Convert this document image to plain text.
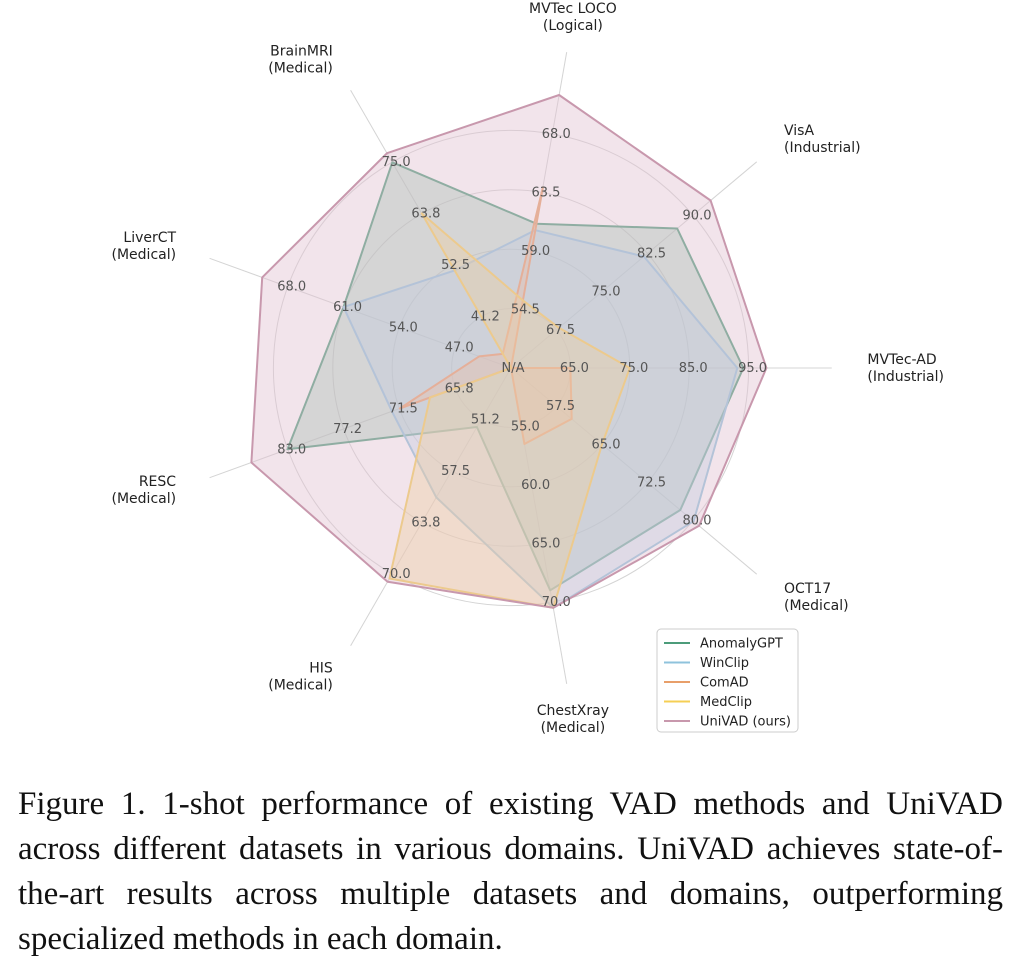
54.5
59.0
63.5
68.0
67.5
75.0
82.5
90.0
65.0 75.0 85.0 95.0
57.5
65.0
72.5
80.0
55.0
60.0
65.0
70.0
51.2
57.5
63.8
70.0
65.8
71.5
77.2
83.0
47.0
54.0
61.0
68.0
41.2
52.5
63.8
75.0
N/A
MVTec LOCO (Logical)
VisA (Industrial)
MVTec-AD (Industrial)
OCT17 (Medical)
ChestXray (Medical)
HIS (Medical)
RESC (Medical)
LiverCT (Medical)
BrainMRI (Medical)
AnomalyGPT
WinClip
ComAD
MedClip
UniVAD (ours)

Figure 1. 1-shot performance of existing VAD methods and UniVAD across different datasets in various domains. UniVAD achieves state-of-the-art results across multiple datasets and domains, outperforming specialized methods in each domain.
